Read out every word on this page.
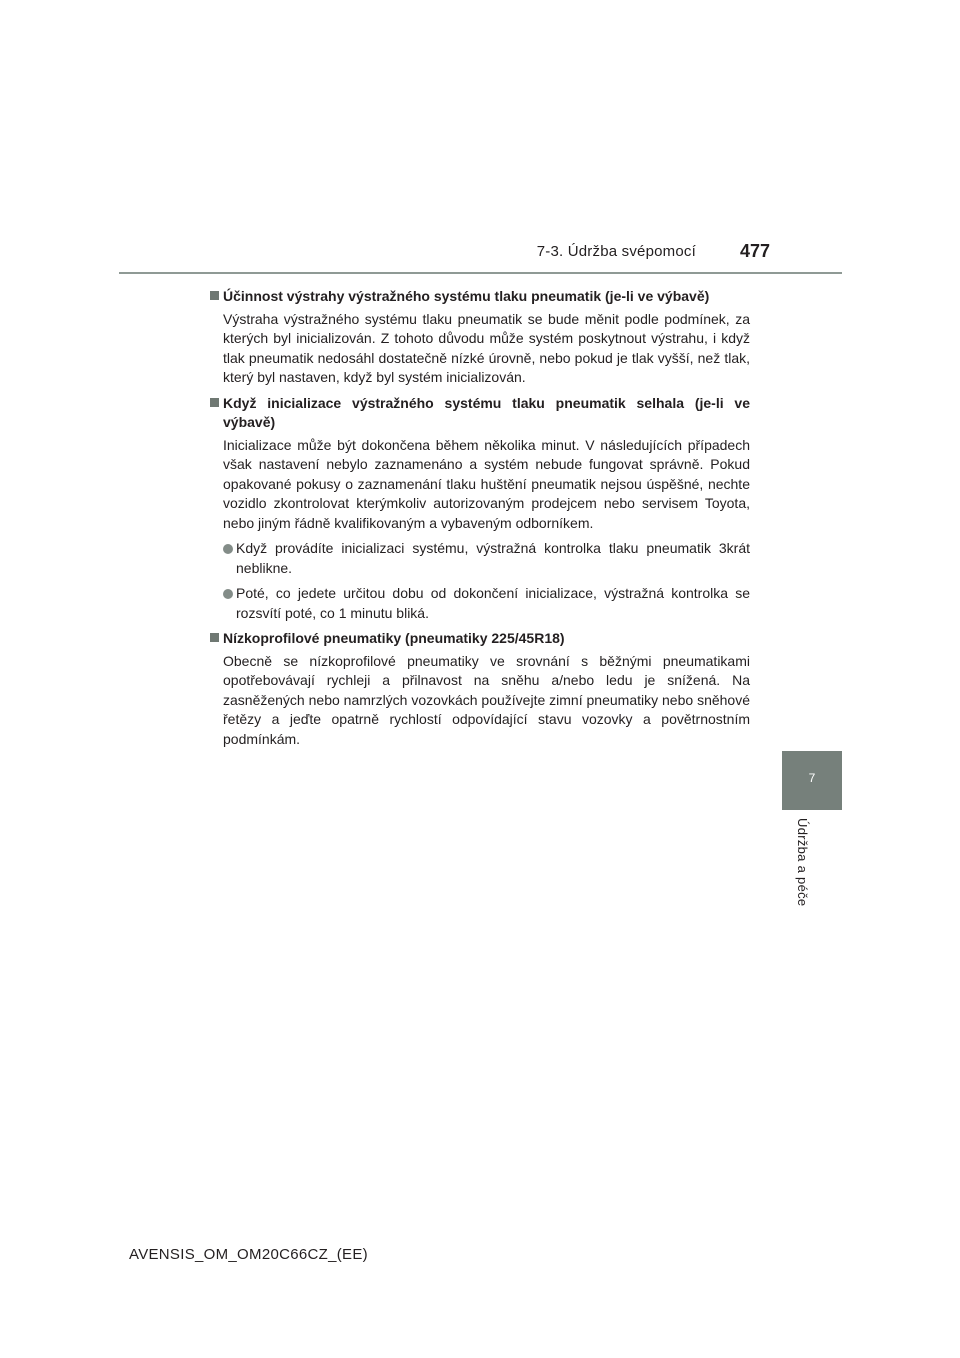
7-3. Údržba svépomocí 477
7
Údržba a péče
Účinnost výstrahy výstražného systému tlaku pneumatik (je-li ve výbavě)
Výstraha výstražného systému tlaku pneumatik se bude měnit podle podmínek, za kterých byl inicializován. Z tohoto důvodu může systém poskytnout výstrahu, i když tlak pneumatik nedosáhl dostatečně nízké úrovně, nebo pokud je tlak vyšší, než tlak, který byl nastaven, když byl systém inicializován.
Když inicializace výstražného systému tlaku pneumatik selhala (je-li ve výbavě)
Inicializace může být dokončena během několika minut. V následujících případech však nastavení nebylo zaznamenáno a systém nebude fungovat správně. Pokud opakované pokusy o zaznamenání tlaku huštění pneumatik nejsou úspěšné, nechte vozidlo zkontrolovat kterýmkoliv autorizovaným prodejcem nebo servisem Toyota, nebo jiným řádně kvalifikovaným a vybaveným odborníkem.
Když provádíte inicializaci systému, výstražná kontrolka tlaku pneumatik 3krát neblikne.
Poté, co jedete určitou dobu od dokončení inicializace, výstražná kontrolka se rozsvítí poté, co 1 minutu bliká.
Nízkoprofilové pneumatiky (pneumatiky 225/45R18)
Obecně se nízkoprofilové pneumatiky ve srovnání s běžnými pneumatikami opotřebovávají rychleji a přilnavost na sněhu a/nebo ledu je snížená. Na zasněžených nebo namrzlých vozovkách používejte zimní pneumatiky nebo sněhové řetězy a jeďte opatrně rychlostí odpovídající stavu vozovky a povětrnostním podmínkám.
AVENSIS_OM_OM20C66CZ_(EE)
